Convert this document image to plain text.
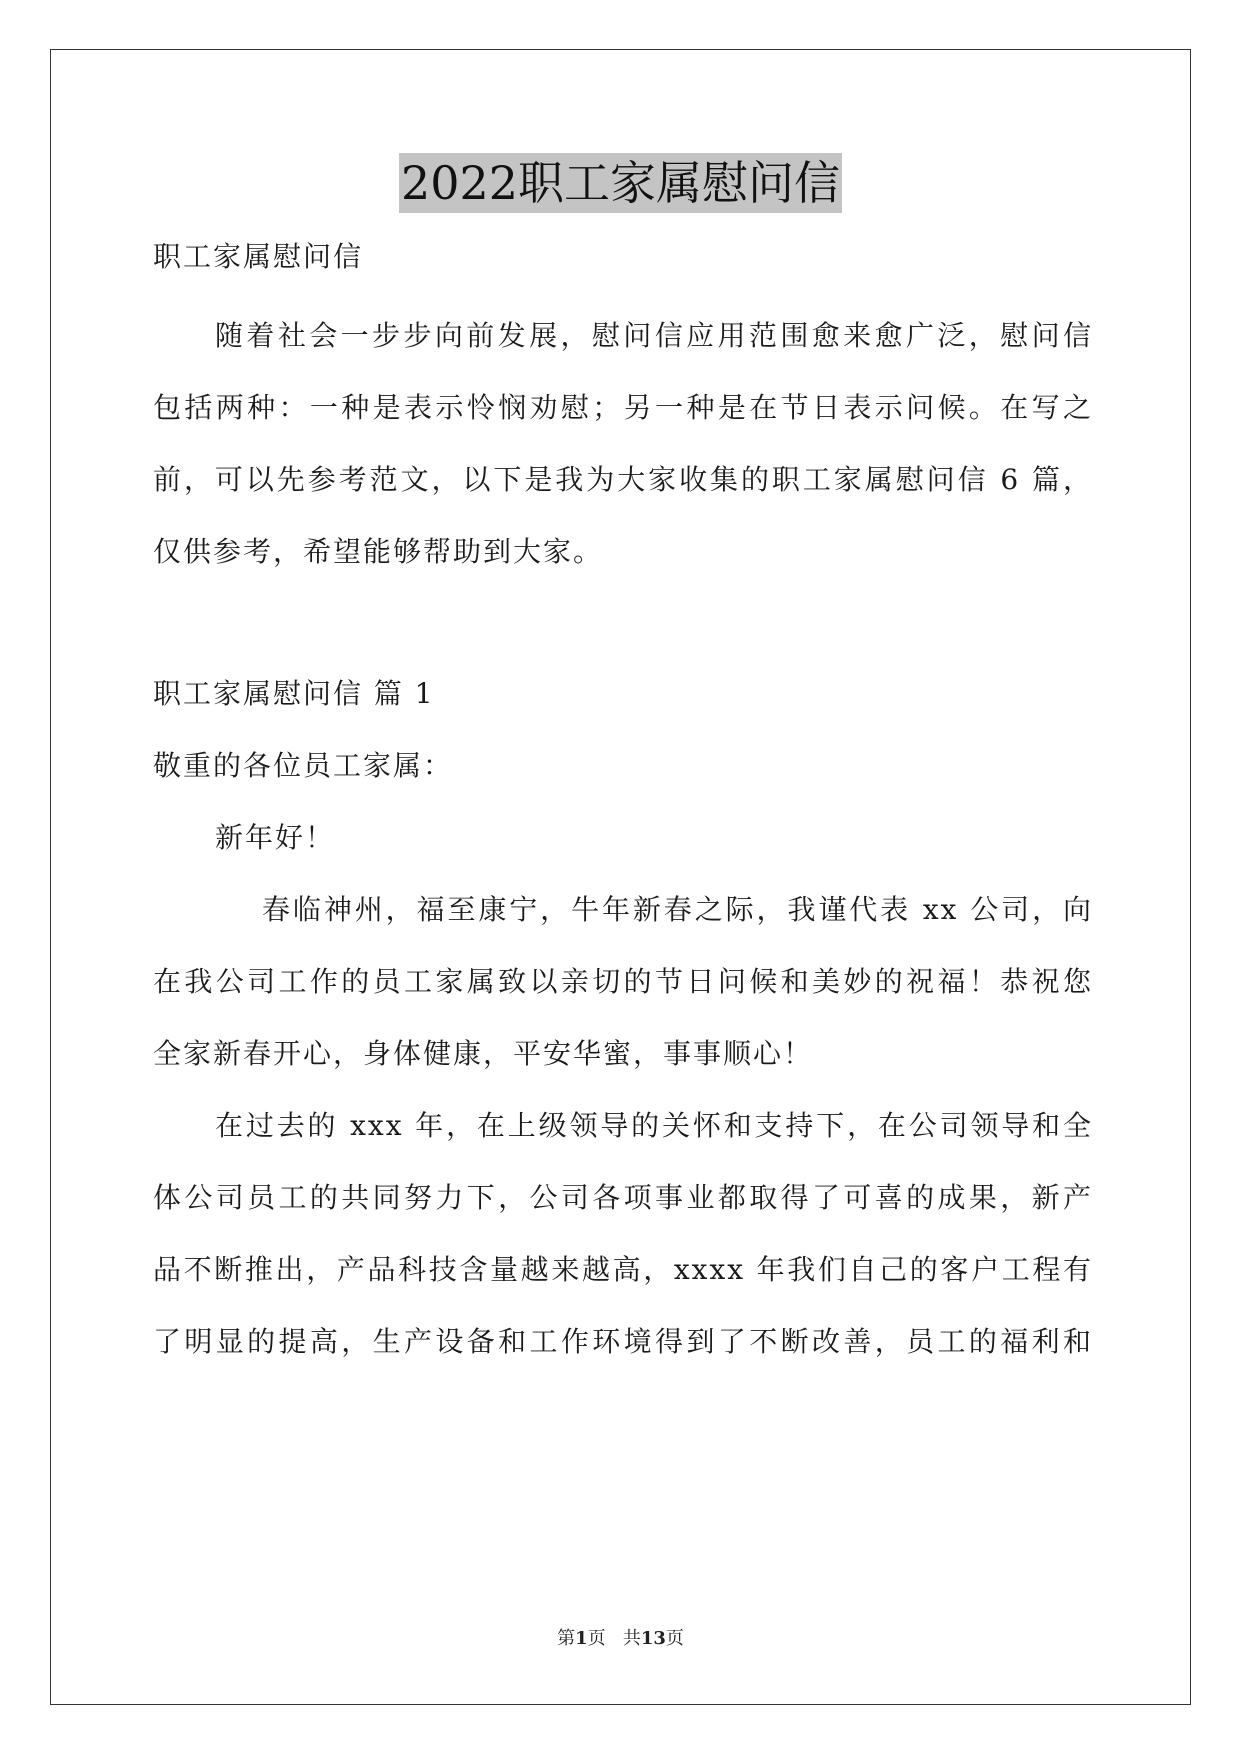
2022职工家属慰问信
职工家属慰问信
随着社会一步步向前发展，慰问信应用范围愈来愈广泛，慰问信
包括两种：一种是表示怜悯劝慰；另一种是在节日表示问候。在写之
前，可以先参考范文，以下是我为大家收集的职工家属慰问信 6 篇，
仅供参考，希望能够帮助到大家。
职工家属慰问信 篇 1
敬重的各位员工家属：
新年好！
春临神州，福至康宁，牛年新春之际，我谨代表 xx 公司，向
在我公司工作的员工家属致以亲切的节日问候和美妙的祝福！恭祝您
全家新春开心，身体健康，平安华蜜，事事顺心！
在过去的 xxx 年，在上级领导的关怀和支持下，在公司领导和全
体公司员工的共同努力下，公司各项事业都取得了可喜的成果，新产
品不断推出，产品科技含量越来越高，xxxx 年我们自己的客户工程有
了明显的提高，生产设备和工作环境得到了不断改善，员工的福利和
第1页 共13页
